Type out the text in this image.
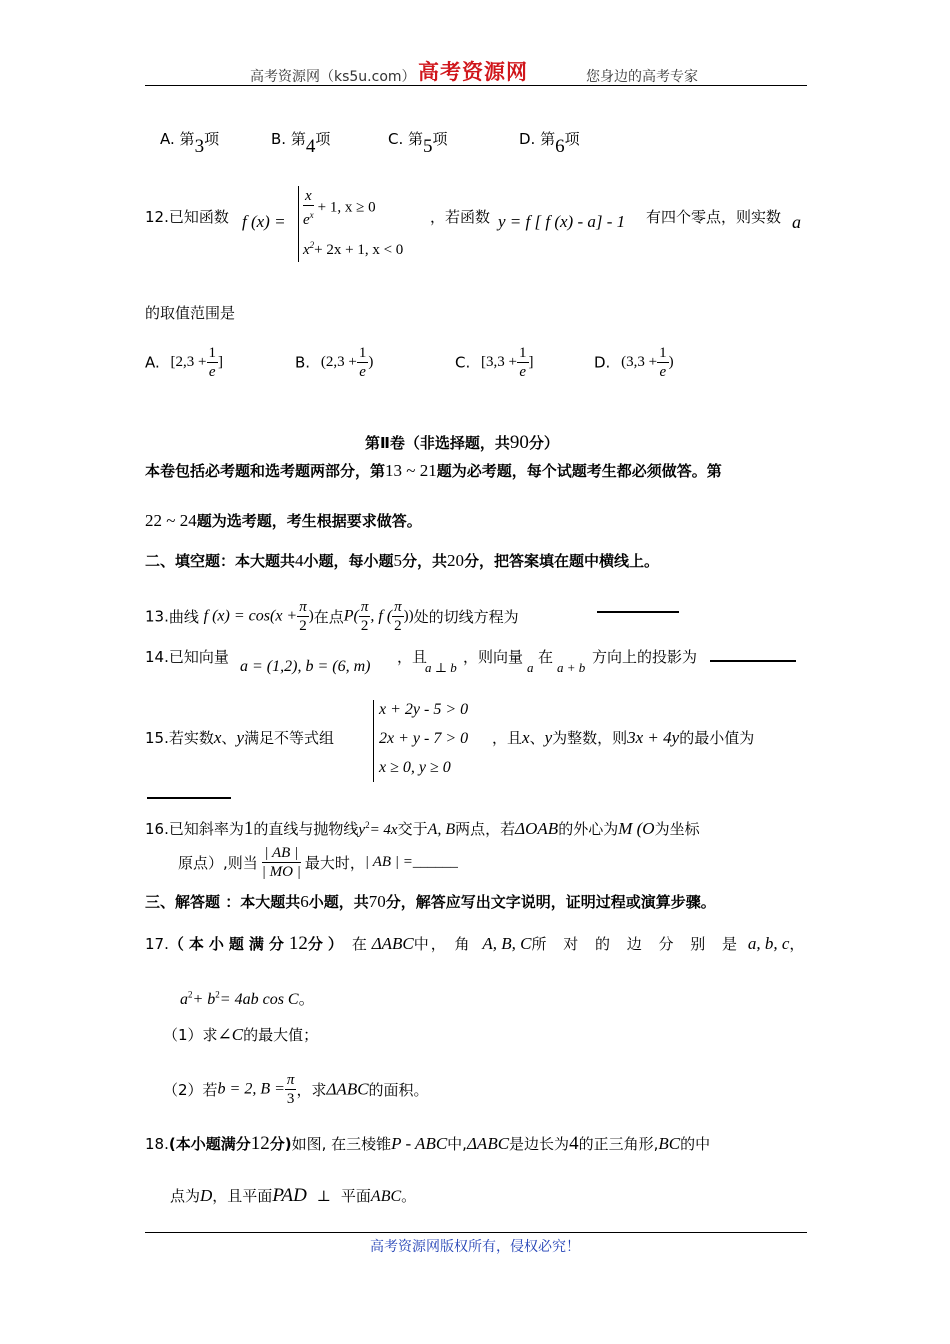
高考资源网（ks5u.com） 高考资源网	您身边的高考专家
A. 第3项	B. 第4项	C. 第5项	D. 第6项
12.已知函数 f $(x) = \frac{x}{e^x} + 1$, x ≥ 0
$x^2+ 2x + 1$, x < 0
，若函数 y = f [ f (x) - a] - 1 有四个零点，则实数 a
的取值范围是
A. [$2,3 + \frac{1}{e}$ ]	B. ($2,3 + \frac{1}{e}$ )	C. [$3,3 + \frac{1}{e}$ ]	D. ($3,3 + \frac{1}{e}$ )
第Ⅱ卷（非选择题，共90分）
本卷包括必考题和选考题两部分，第13 ~ 21题为必考题，每个试题考生都必须做答。第
22 ~ 24题为选考题，考生根据要求做答。
二、填空题：本大题共4小题，每小题5分，共20分，把答案填在题中横线上。
13.曲线 f $(x) = \cos(x + \frac{\pi}{2}$ )在点$P( \frac{\pi}{2}$ , f ( $\frac{\pi}{2}$ ))处的切线方程为
14.已知向量
a = (1,2), b = (6, m)
，且
a ⊥ b
，则向量
a
在
a + b
方向上的投影为
15.若实数x、y满足不等式组
x + 2y - 5 > 0
2x + y - 7 > 0
x ≥ 0, y ≥ 0
，且x、y为整数，则3x + 4y的最小值为
16.已知斜率为1的直线与抛物线$y^2= 4x$交于A, B两点，若ΔOAB的外心为M (O为坐标
原点）,则当 $\frac{| AB |}{| MO |}$ 最大时，| AB | =______
三、解答题 ：本大题共6小题，共70分，解答应写出文字说明，证明过程或演算步骤。
17.（本小题满分12分） 在 ΔABC中， 角 A, B, C所 对 的 边 分 别 是 a, b, c，
$a^2+ b^2= 4ab$ cos C。
（1）求∠C的最大值；
（2）若b = 2, $B = \frac{\pi}{3}$ ，求ΔABC的面积。
18.(本小题满分12分)如图, 在三棱锥P - ABC中,ΔABC是边长为4的正三角形,BC的中
点为D，且平面PAD ⊥ 平面ABC。
高考资源网版权所有，侵权必究！
